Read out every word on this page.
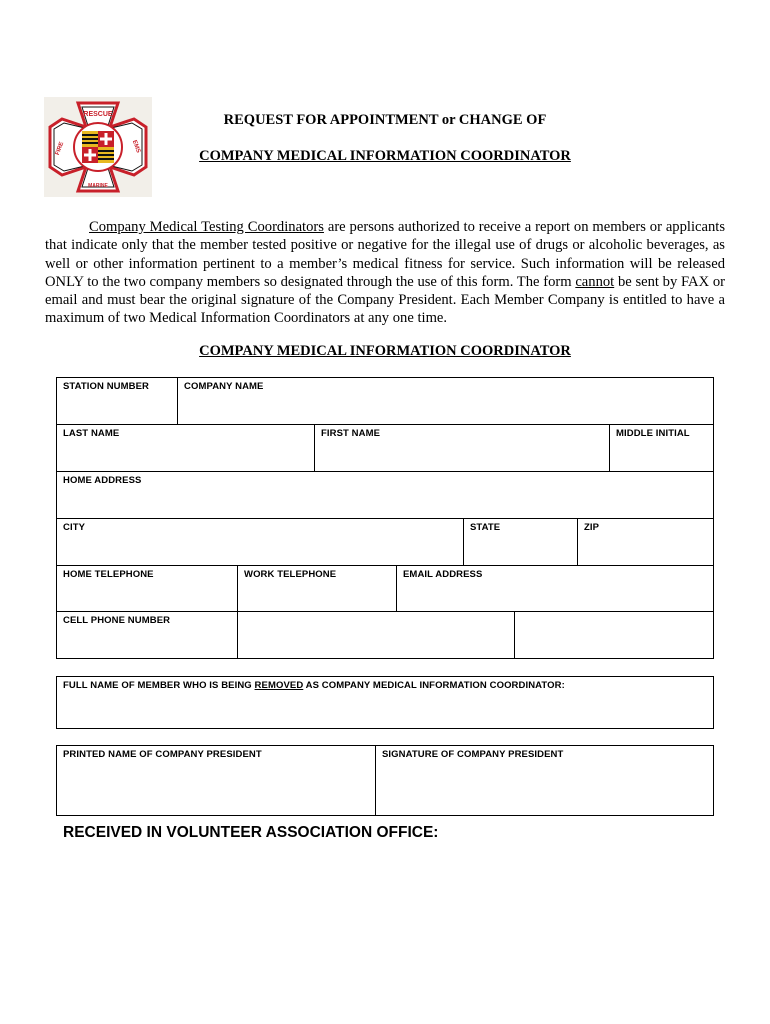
RESCUE
MARINE
FIRE	EMS
REQUEST FOR APPOINTMENT or CHANGE OF
COMPANY MEDICAL INFORMATION COORDINATOR
Company Medical Testing Coordinators are persons authorized to receive a report on members or applicants that indicate only that the member tested positive or negative for the illegal use of drugs or alcoholic beverages, as well or other information pertinent to a member’s medical fitness for service. Such information will be released ONLY to the two company members so designated through the use of this form. The form cannot be sent by FAX or email and must bear the original signature of the Company President. Each Member Company is entitled to have a maximum of two Medical Information Coordinators at any one time.
COMPANY MEDICAL INFORMATION COORDINATOR
STATION NUMBER	COMPANY NAME
LAST NAME	FIRST NAME	MIDDLE INITIAL
HOME ADDRESS
CITY	STATE	ZIP
HOME TELEPHONE	WORK TELEPHONE	EMAIL ADDRESS
CELL PHONE NUMBER
FULL NAME OF MEMBER WHO IS BEING REMOVED AS COMPANY MEDICAL INFORMATION COORDINATOR:
PRINTED NAME OF COMPANY PRESIDENT	SIGNATURE OF COMPANY PRESIDENT
RECEIVED IN VOLUNTEER ASSOCIATION OFFICE:
